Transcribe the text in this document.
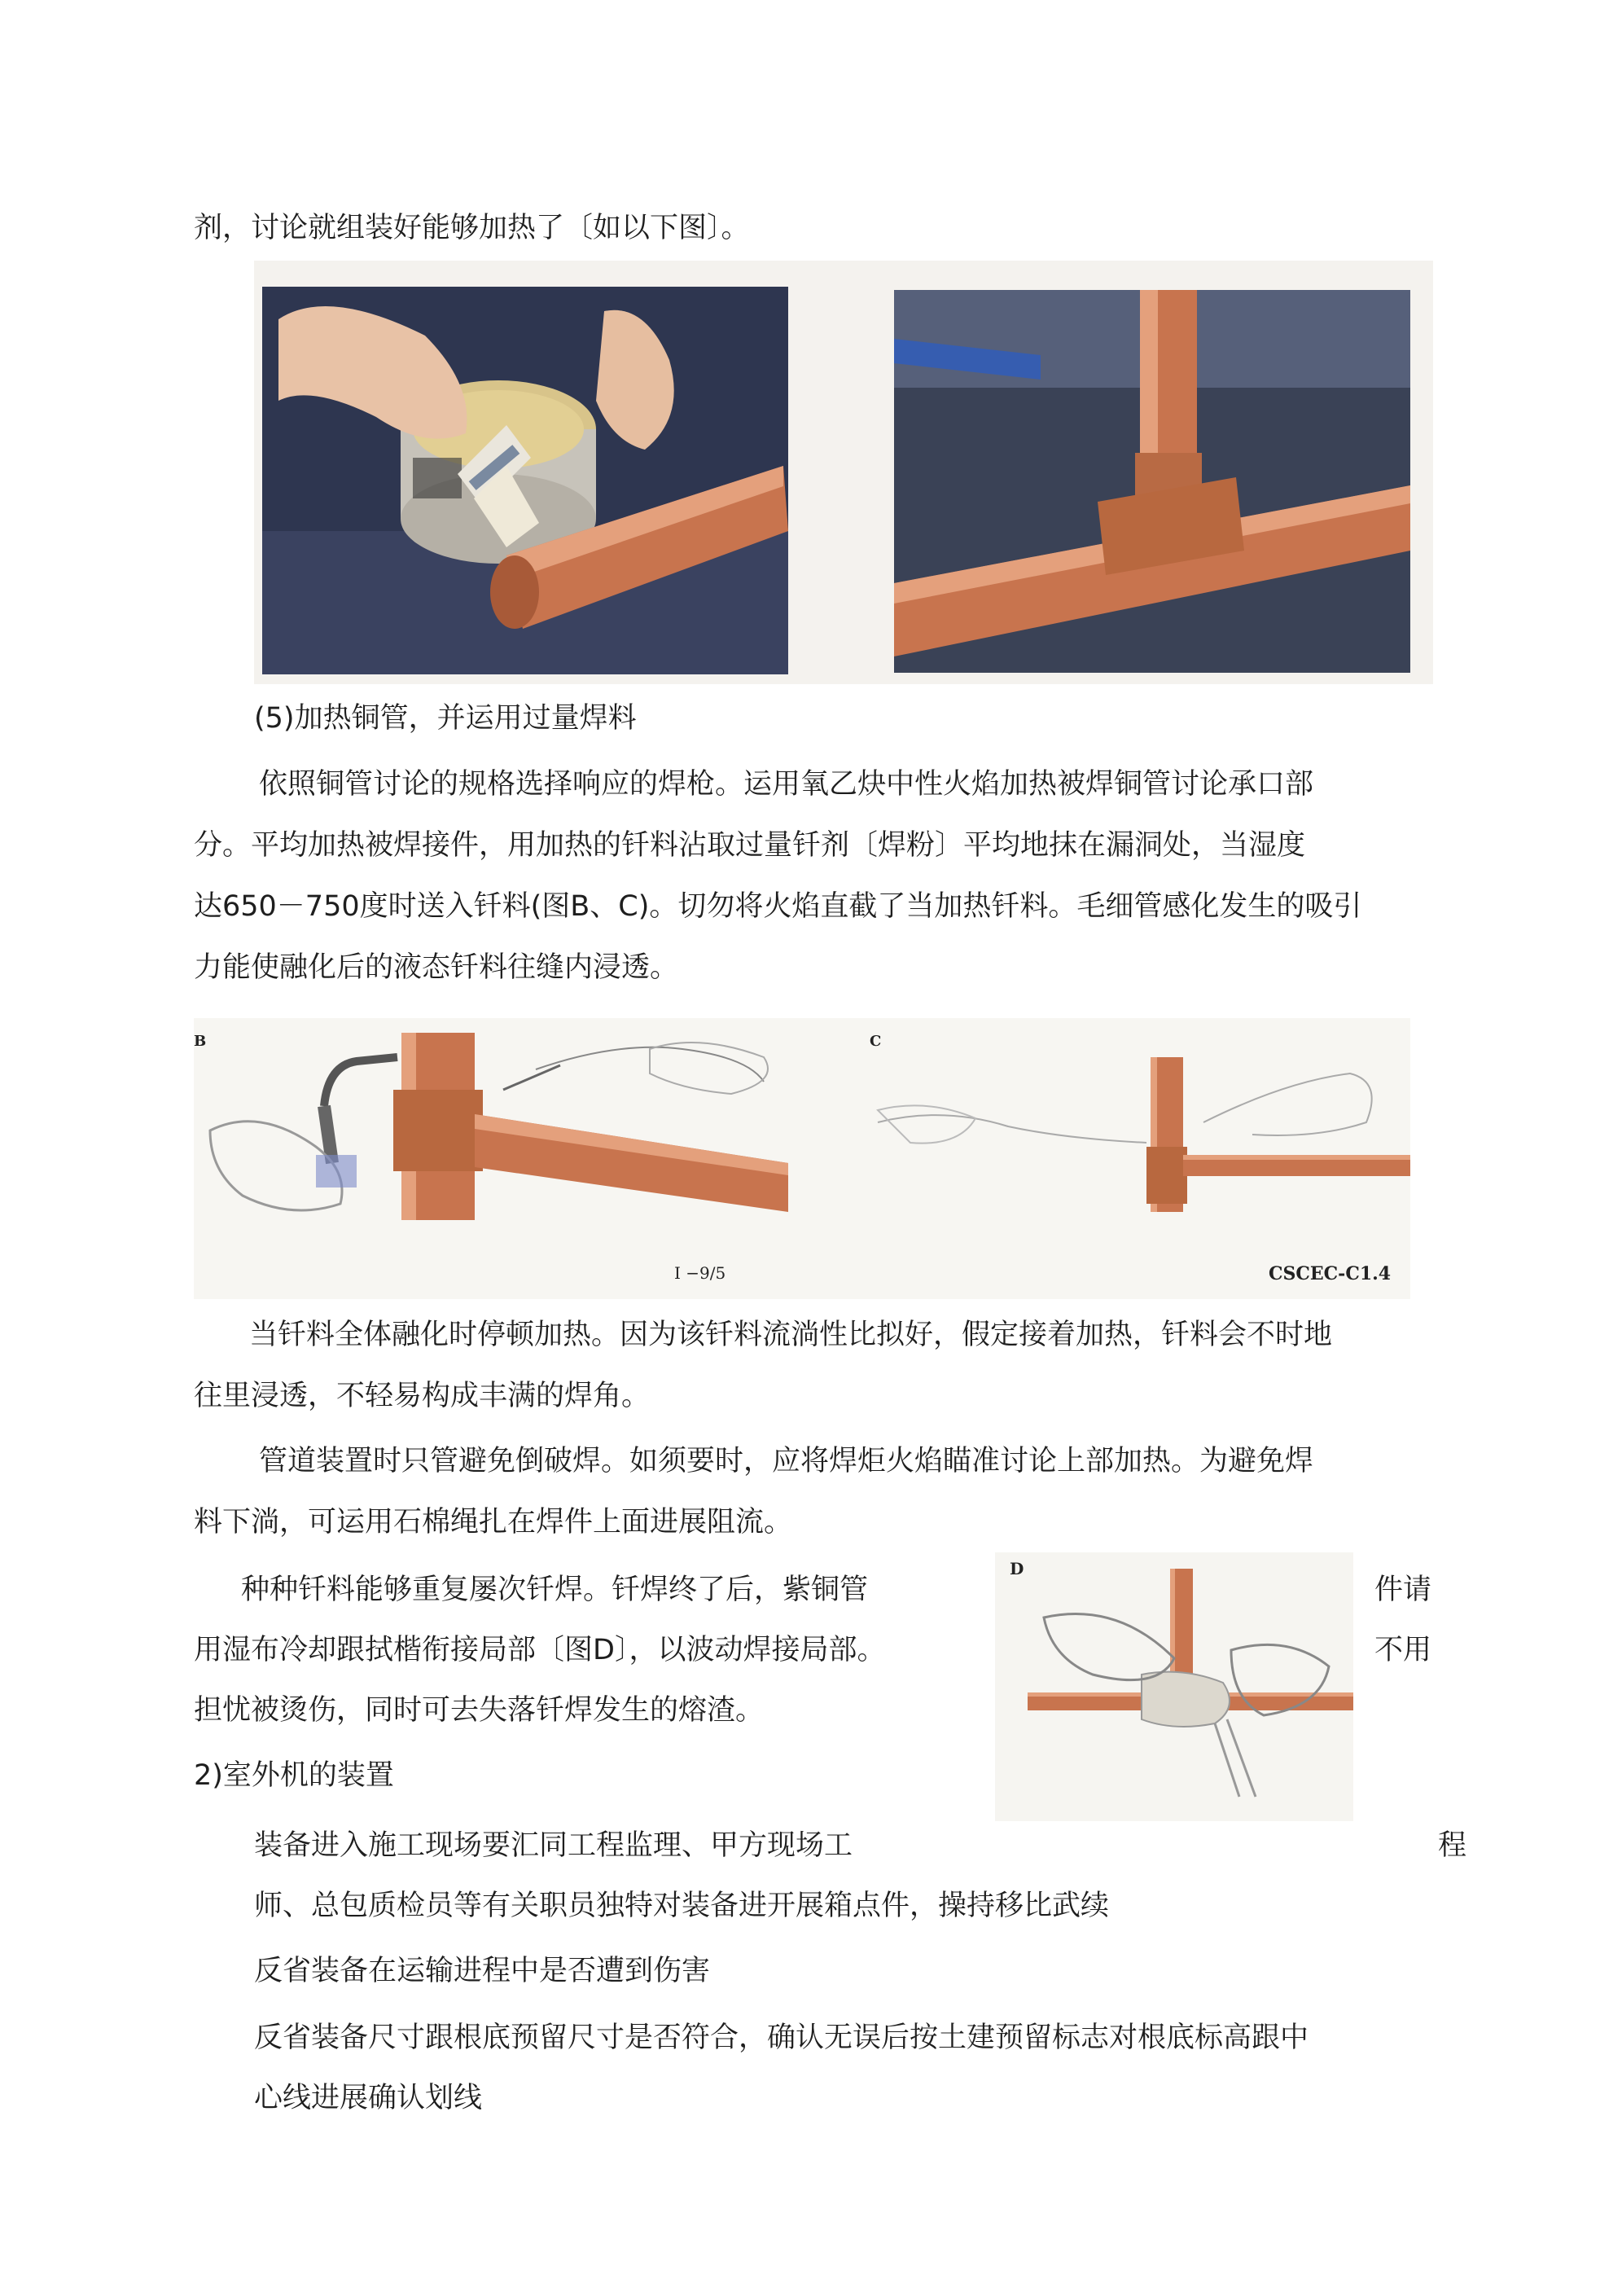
剂，讨论就组装好能够加热了〔如以下图〕。

(5)加热铜管，并运用过量焊料

依照铜管讨论的规格选择响应的焊枪。运用氧乙炔中性火焰加热被焊铜管讨论承口部

分。平均加热被焊接件，用加热的钎料沾取过量钎剂〔焊粉〕平均地抹在漏洞处，当湿度

达650－750度时送入钎料(图B、C)。切勿将火焰直截了当加热钎料。毛细管感化发生的吸引

力能使融化后的液态钎料往缝内浸透。

B
I −9/5
C
CSCEC-C1.4

当钎料全体融化时停顿加热。因为该钎料流淌性比拟好，假定接着加热，钎料会不时地

往里浸透，不轻易构成丰满的焊角。

管道装置时只管避免倒破焊。如须要时，应将焊炬火焰瞄准讨论上部加热。为避免焊

料下淌，可运用石棉绳扎在焊件上面进展阻流。

种种钎料能够重复屡次钎焊。钎焊终了后，紫铜管	件请

用湿布冷却跟拭楷衔接局部〔图D〕，以波动焊接局部。	不用

担忧被烫伤，同时可去失落钎焊发生的熔渣。

D

2)室外机的装置

装备进入施工现场要汇同工程监理、甲方现场工	程

师、总包质检员等有关职员独特对装备进开展箱点件，操持移比武续

反省装备在运输进程中是否遭到伤害

反省装备尺寸跟根底预留尺寸是否符合，确认无误后按土建预留标志对根底标高跟中

心线进展确认划线
